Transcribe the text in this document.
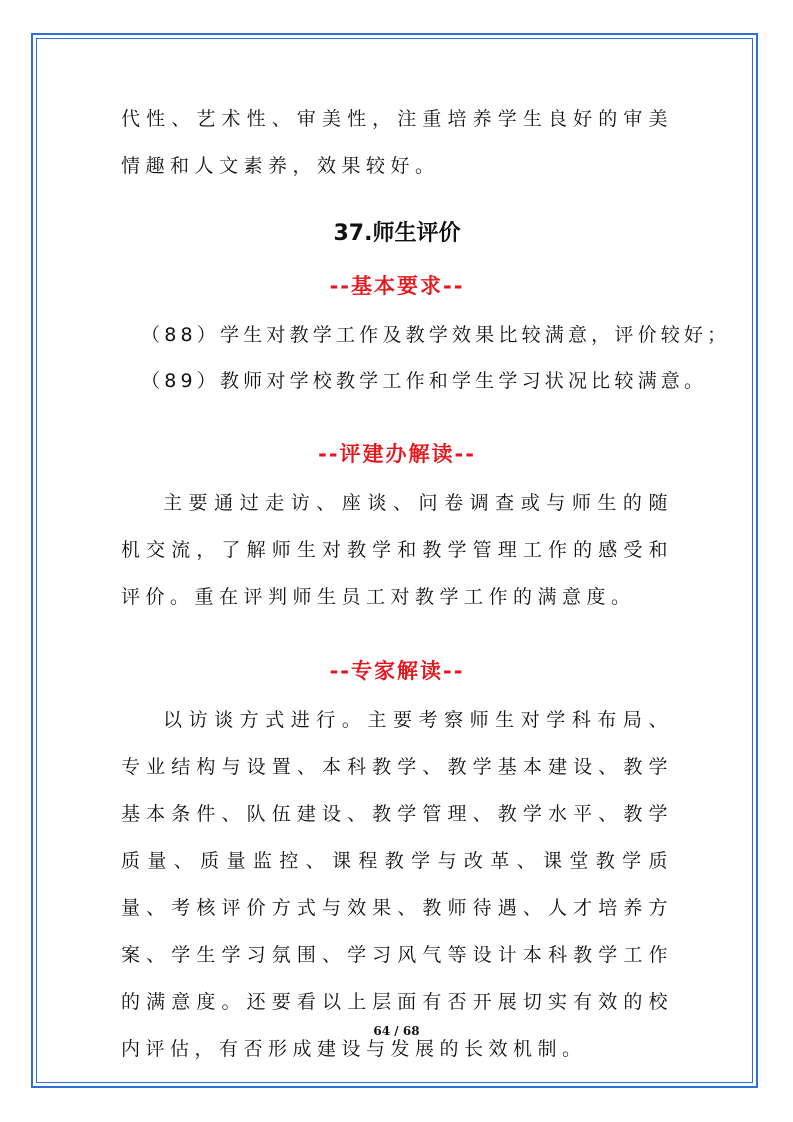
代性、艺术性、审美性，注重培养学生良好的审美情趣和人文素养，效果较好。

37.师生评价
--基本要求--

（88）学生对教学工作及教学效果比较满意，评价较好；

（89）教师对学校教学工作和学生学习状况比较满意。

--评建办解读--

主要通过走访、座谈、问卷调查或与师生的随机交流，了解师生对教学和教学管理工作的感受和评价。重在评判师生员工对教学工作的满意度。

--专家解读--

以访谈方式进行。主要考察师生对学科布局、专业结构与设置、本科教学、教学基本建设、教学基本条件、队伍建设、教学管理、教学水平、教学质量、质量监控、课程教学与改革、课堂教学质量、考核评价方式与效果、教师待遇、人才培养方案、学生学习氛围、学习风气等设计本科教学工作的满意度。还要看以上层面有否开展切实有效的校内评估，有否形成建设与发展的长效机制。

64 / 68
